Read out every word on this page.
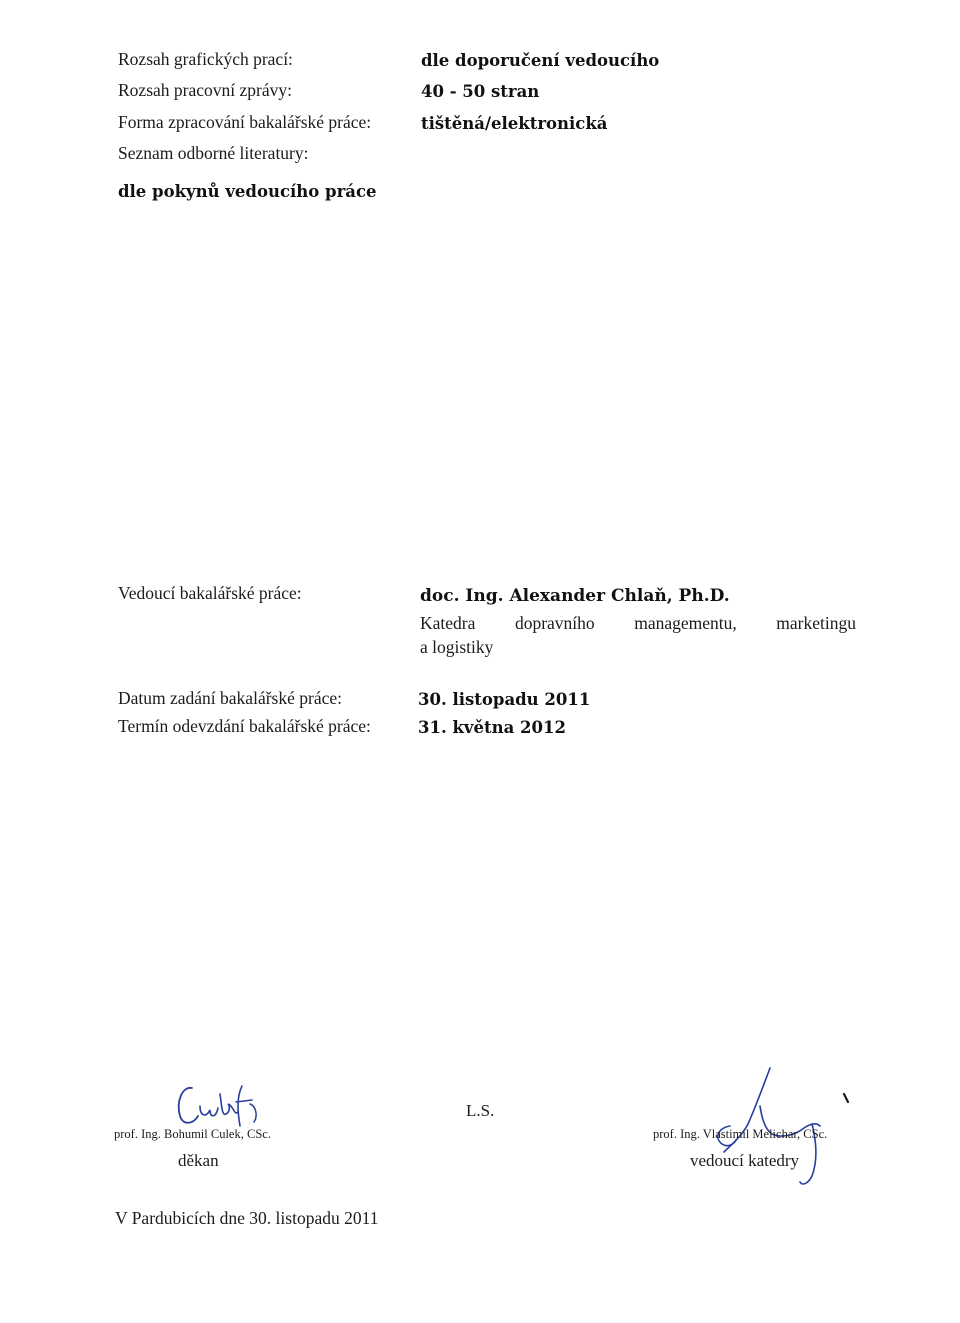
Rozsah grafických prací:	dle doporučení vedoucího
Rozsah pracovní zprávy:	40 - 50 stran
Forma zpracování bakalářské práce:	tištěná/elektronická
Seznam odborné literatury:
dle pokynů vedoucího práce
Vedoucí bakalářské práce:	doc. Ing. Alexander Chlaň, Ph.D.
Katedra dopravního managementu, marketingu
a logistiky
Datum zadání bakalářské práce:	30. listopadu 2011
Termín odevzdání bakalářské práce:	31. května 2012
prof. Ing. Bohumil Culek, CSc.
děkan
L.S.
prof. Ing. Vlastimil Melichar, CSc.
vedoucí katedry
V Pardubicích dne 30. listopadu 2011
